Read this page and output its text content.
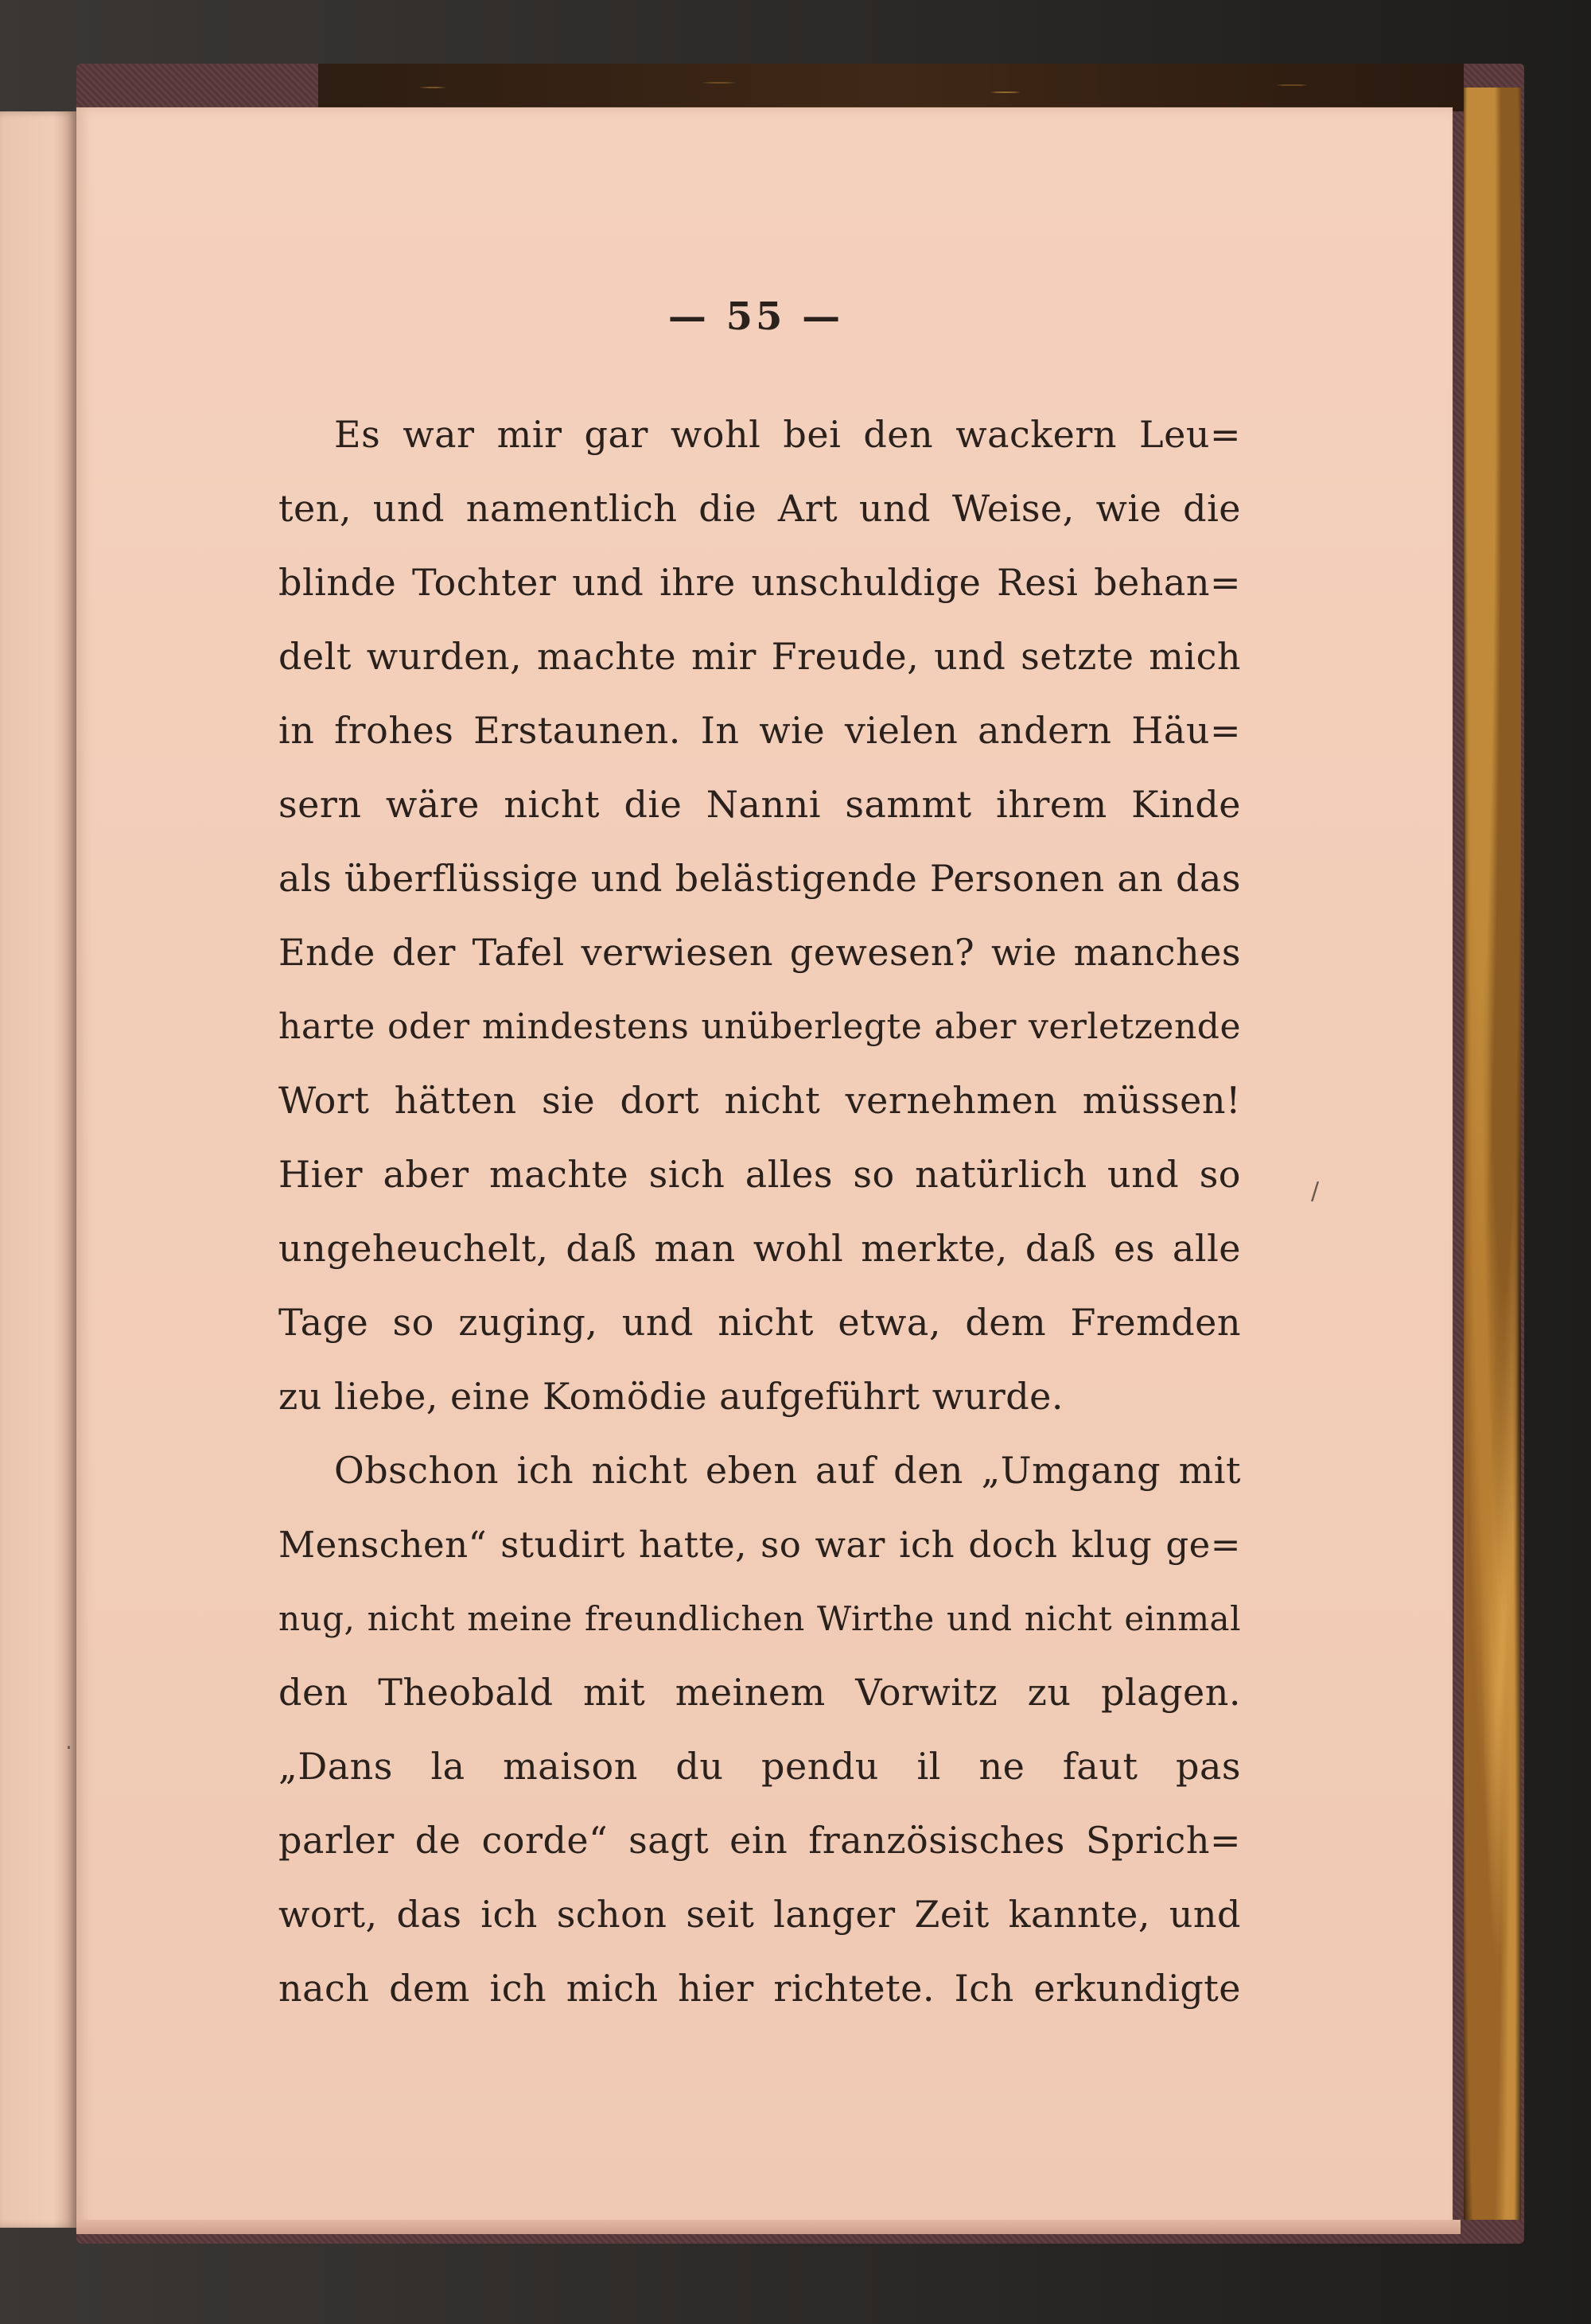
— 55 —
Es war mir gar wohl bei den wackern Leu=
ten, und namentlich die Art und Weise, wie die
blinde Tochter und ihre unschuldige Resi behan=
delt wurden, machte mir Freude, und setzte mich
in frohes Erstaunen. In wie vielen andern Häu=
sern wäre nicht die Nanni sammt ihrem Kinde
als überflüssige und belästigende Personen an das
Ende der Tafel verwiesen gewesen? wie manches
harte oder mindestens unüberlegte aber verletzende
Wort hätten sie dort nicht vernehmen müssen!
Hier aber machte sich alles so natürlich und so
ungeheuchelt, daß man wohl merkte, daß es alle
Tage so zuging, und nicht etwa, dem Fremden
zu liebe, eine Komödie aufgeführt wurde.
Obschon ich nicht eben auf den „Umgang mit
Menschen“ studirt hatte, so war ich doch klug ge=
nug, nicht meine freundlichen Wirthe und nicht einmal
den Theobald mit meinem Vorwitz zu plagen.
„Dans la maison du pendu il ne faut pas
parler de corde“ sagt ein französisches Sprich=
wort, das ich schon seit langer Zeit kannte, und
nach dem ich mich hier richtete. Ich erkundigte
/
·
